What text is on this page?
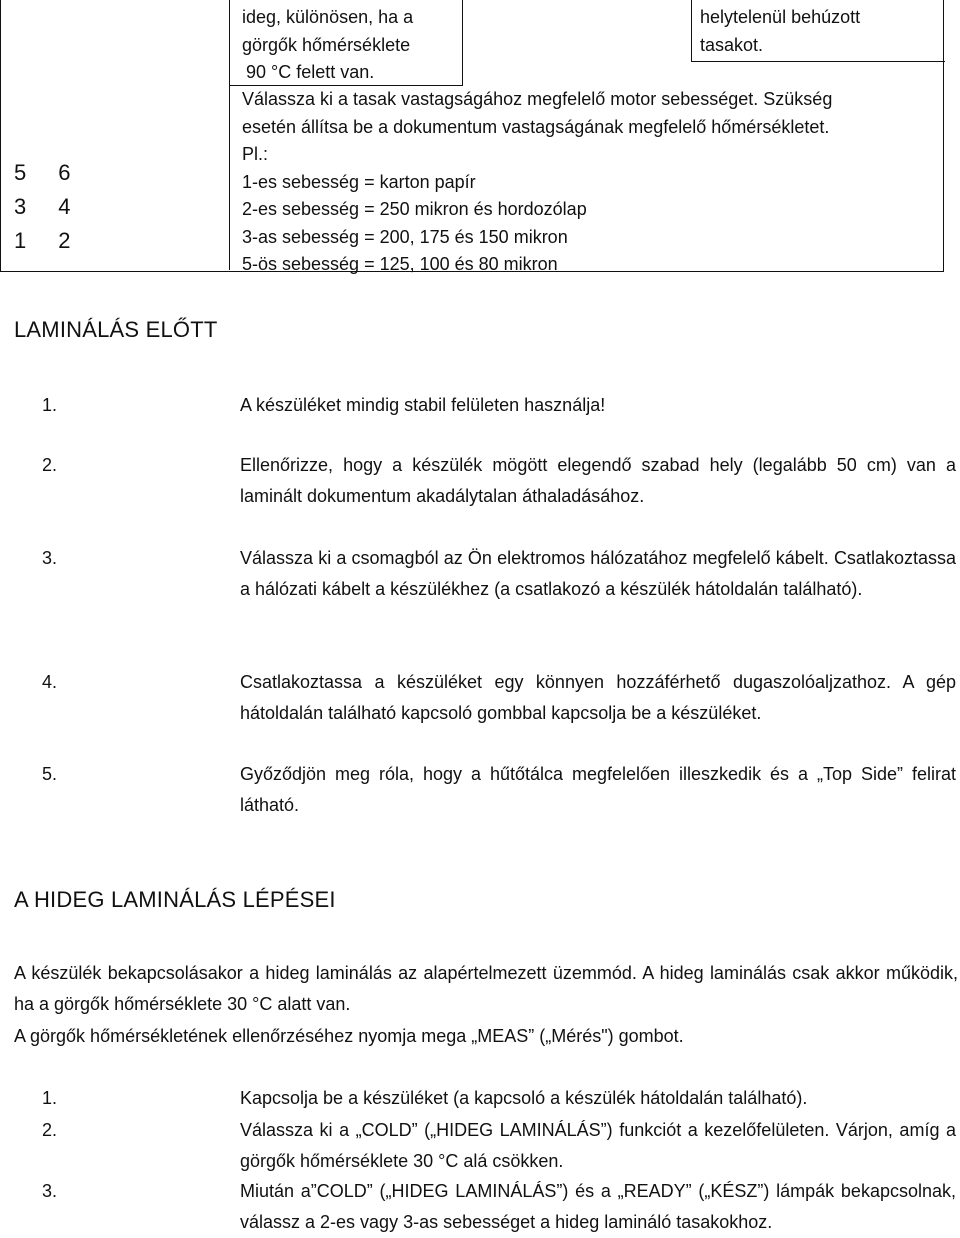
ideg, különösen, ha a
görgők hőmérséklete
90 °C felett van.
helytelenül behúzott
tasakot.
5 6
3 4
1 2
Válassza ki a tasak vastagságához megfelelő motor sebességet. Szükség
esetén állítsa be a dokumentum vastagságának megfelelő hőmérsékletet.
Pl.:
1-es sebesség = karton papír
2-es sebesség = 250 mikron és hordozólap
3-as sebesség = 200, 175 és 150 mikron
5-ös sebesség = 125, 100 és 80 mikron
LAMINÁLÁS ELŐTT
1.	A készüléket mindig stabil felületen használja!
2.	Ellenőrizze, hogy a készülék mögött elegendő szabad hely (legalább 50 cm) van a laminált dokumentum akadálytalan áthaladásához.
3.	Válassza ki a csomagból az Ön elektromos hálózatához megfelelő kábelt. Csatlakoztassa a hálózati kábelt a készülékhez (a csatlakozó a készülék hátoldalán található).
4.	Csatlakoztassa a készüléket egy könnyen hozzáférhető dugaszolóaljzathoz. A gép hátoldalán található kapcsoló gombbal kapcsolja be a készüléket.
5.	Győződjön meg róla, hogy a hűtőtálca megfelelően illeszkedik és a „Top Side” felirat látható.
A HIDEG LAMINÁLÁS LÉPÉSEI
A készülék bekapcsolásakor a hideg laminálás az alapértelmezett üzemmód. A hideg laminálás csak akkor működik, ha a görgők hőmérséklete 30 °C alatt van.
A görgők hőmérsékletének ellenőrzéséhez nyomja mega „MEAS” („Mérés") gombot.
1.	Kapcsolja be a készüléket (a kapcsoló a készülék hátoldalán található).
2.	Válassza ki a „COLD” („HIDEG LAMINÁLÁS”) funkciót a kezelőfelületen. Várjon, amíg a görgők hőmérséklete 30 °C alá csökken.
3.	Miután a”COLD” („HIDEG LAMINÁLÁS”) és a „READY” („KÉSZ”) lámpák bekapcsolnak, válassz a 2-es vagy 3-as sebességet a hideg lamináló tasakokhoz.
